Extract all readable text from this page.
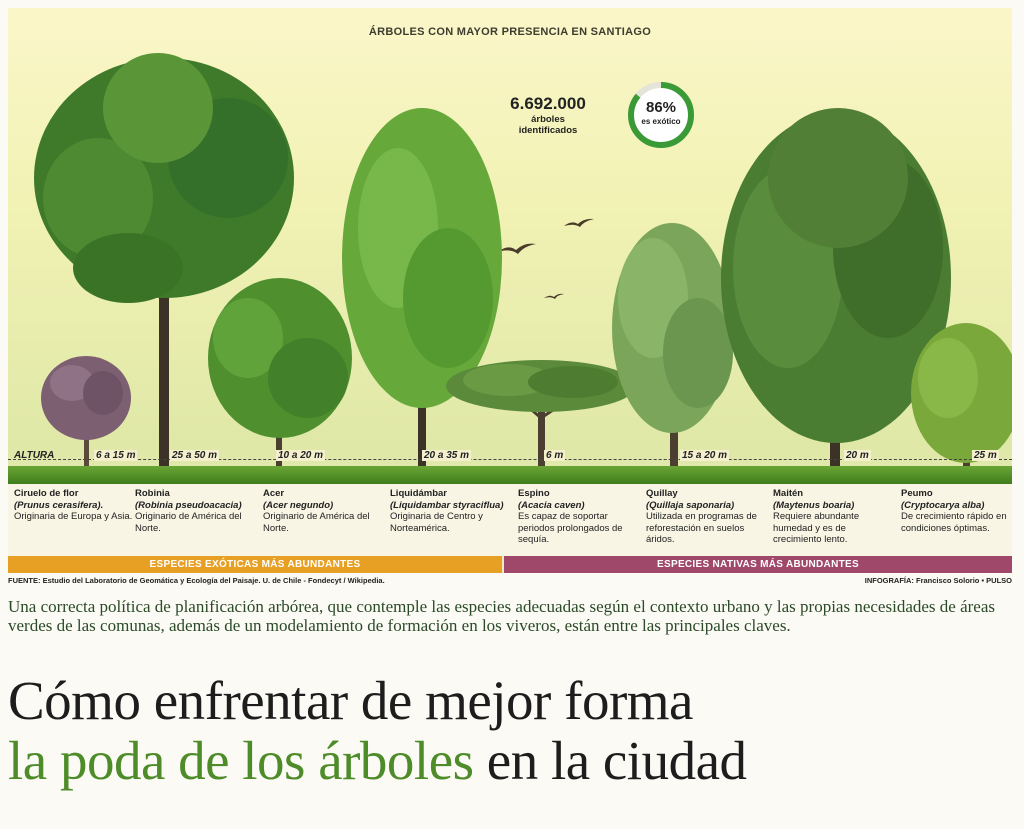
ÁRBOLES CON MAYOR PRESENCIA EN SANTIAGO
6.692.000
árboles identificados
86%
es exótico
ALTURA	6 a 15 m	25 a 50 m	10 a 20 m	20 a 35 m	6 m	15 a 20 m	20 m	25 m
Ciruelo de flor
(Prunus cerasifera).
Originaria de Europa y Asia.
Robinia
(Robinia pseudoacacia)
Originario de América del Norte.
Acer
(Acer negundo)
Originario de América del Norte.
Liquidámbar
(Liquidambar styraciflua)
Originaria de Centro y Norteamérica.
Espino
(Acacia caven)
Es capaz de soportar periodos prolongados de sequía.
Quillay
(Quillaja saponaria)
Utilizada en programas de reforestación en suelos áridos.
Maitén
(Maytenus boaria)
Requiere abundante humedad y es de crecimiento lento.
Peumo
(Cryptocarya alba)
De crecimiento rápido en condiciones óptimas.
ESPECIES EXÓTICAS MÁS ABUNDANTES	ESPECIES NATIVAS MÁS ABUNDANTES
FUENTE: Estudio del Laboratorio de Geomática y Ecología del Paisaje. U. de Chile - Fondecyt / Wikipedia.	INFOGRAFÍA: Francisco Solorio • PULSO
Una correcta política de planificación arbórea, que contemple las especies adecuadas según el contexto urbano y las propias necesidades de áreas verdes de las comunas, además de un modelamiento de formación en los viveros, están entre las principales claves.
Cómo enfrentar de mejor forma
la poda de los árboles en la ciudad
